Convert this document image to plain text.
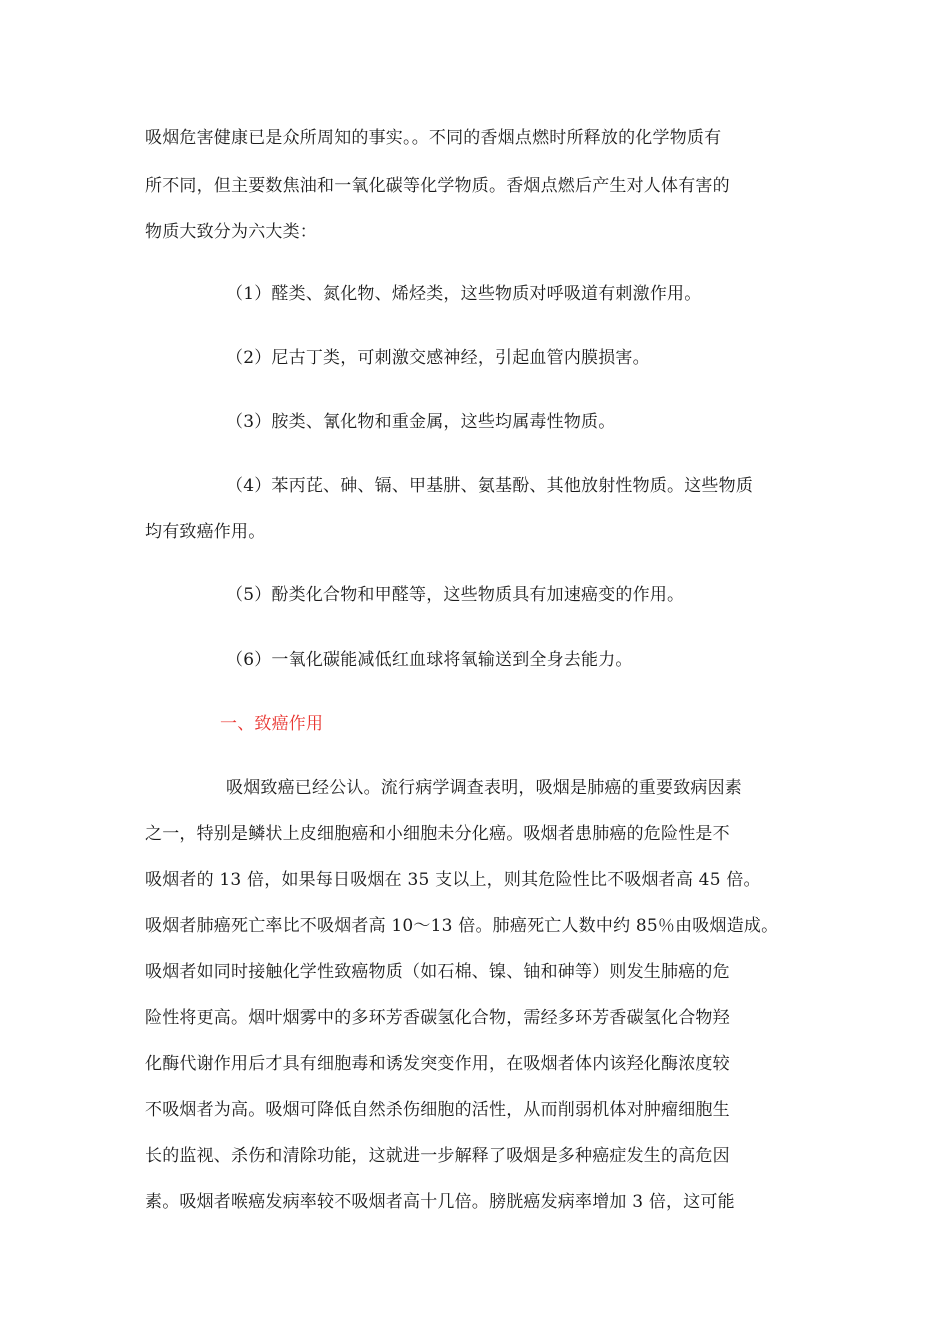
吸烟危害健康已是众所周知的事实。。不同的香烟点燃时所释放的化学物质有
所不同，但主要数焦油和一氧化碳等化学物质。香烟点燃后产生对人体有害的
物质大致分为六大类：
（1）醛类、氮化物、烯烃类，这些物质对呼吸道有刺激作用。
（2）尼古丁类，可刺激交感神经，引起血管内膜损害。
（3）胺类、氰化物和重金属，这些均属毒性物质。
（4）苯丙芘、砷、镉、甲基肼、氨基酚、其他放射性物质。这些物质
均有致癌作用。
（5）酚类化合物和甲醛等，这些物质具有加速癌变的作用。
（6）一氧化碳能减低红血球将氧输送到全身去能力。
一、致癌作用
吸烟致癌已经公认。流行病学调查表明，吸烟是肺癌的重要致病因素
之一，特别是鳞状上皮细胞癌和小细胞未分化癌。吸烟者患肺癌的危险性是不
吸烟者的 13 倍，如果每日吸烟在 35 支以上，则其危险性比不吸烟者高 45 倍。
吸烟者肺癌死亡率比不吸烟者高 10～13 倍。肺癌死亡人数中约 85％由吸烟造成。
吸烟者如同时接触化学性致癌物质（如石棉、镍、铀和砷等）则发生肺癌的危
险性将更高。烟叶烟雾中的多环芳香碳氢化合物，需经多环芳香碳氢化合物羟
化酶代谢作用后才具有细胞毒和诱发突变作用，在吸烟者体内该羟化酶浓度较
不吸烟者为高。吸烟可降低自然杀伤细胞的活性，从而削弱机体对肿瘤细胞生
长的监视、杀伤和清除功能，这就进一步解释了吸烟是多种癌症发生的高危因
素。吸烟者喉癌发病率较不吸烟者高十几倍。膀胱癌发病率增加 3 倍，这可能
